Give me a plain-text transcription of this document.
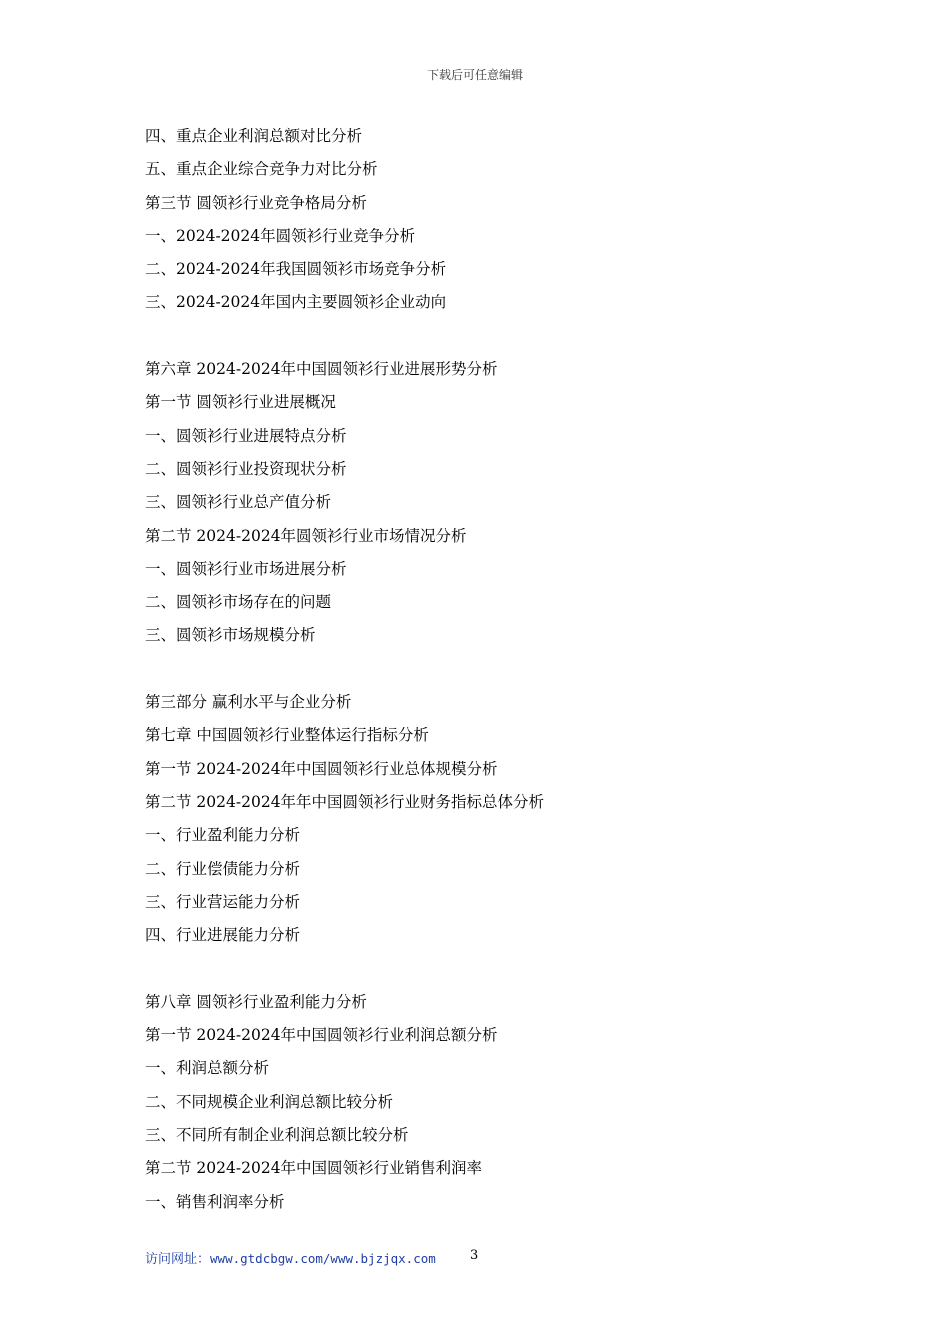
下载后可任意编辑
四、重点企业利润总额对比分析
五、重点企业综合竞争力对比分析
第三节 圆领衫行业竞争格局分析
一、2024-2024年圆领衫行业竞争分析
二、2024-2024年我国圆领衫市场竞争分析
三、2024-2024年国内主要圆领衫企业动向
第六章 2024-2024年中国圆领衫行业进展形势分析
第一节 圆领衫行业进展概况
一、圆领衫行业进展特点分析
二、圆领衫行业投资现状分析
三、圆领衫行业总产值分析
第二节 2024-2024年圆领衫行业市场情况分析
一、圆领衫行业市场进展分析
二、圆领衫市场存在的问题
三、圆领衫市场规模分析
第三部分 赢利水平与企业分析
第七章 中国圆领衫行业整体运行指标分析
第一节 2024-2024年中国圆领衫行业总体规模分析
第二节 2024-2024年年中国圆领衫行业财务指标总体分析
一、行业盈利能力分析
二、行业偿债能力分析
三、行业营运能力分析
四、行业进展能力分析
第八章 圆领衫行业盈利能力分析
第一节 2024-2024年中国圆领衫行业利润总额分析
一、利润总额分析
二、不同规模企业利润总额比较分析
三、不同所有制企业利润总额比较分析
第二节 2024-2024年中国圆领衫行业销售利润率
一、销售利润率分析
访问网址：www.gtdcbgw.com/www.bjzjqx.com	3
